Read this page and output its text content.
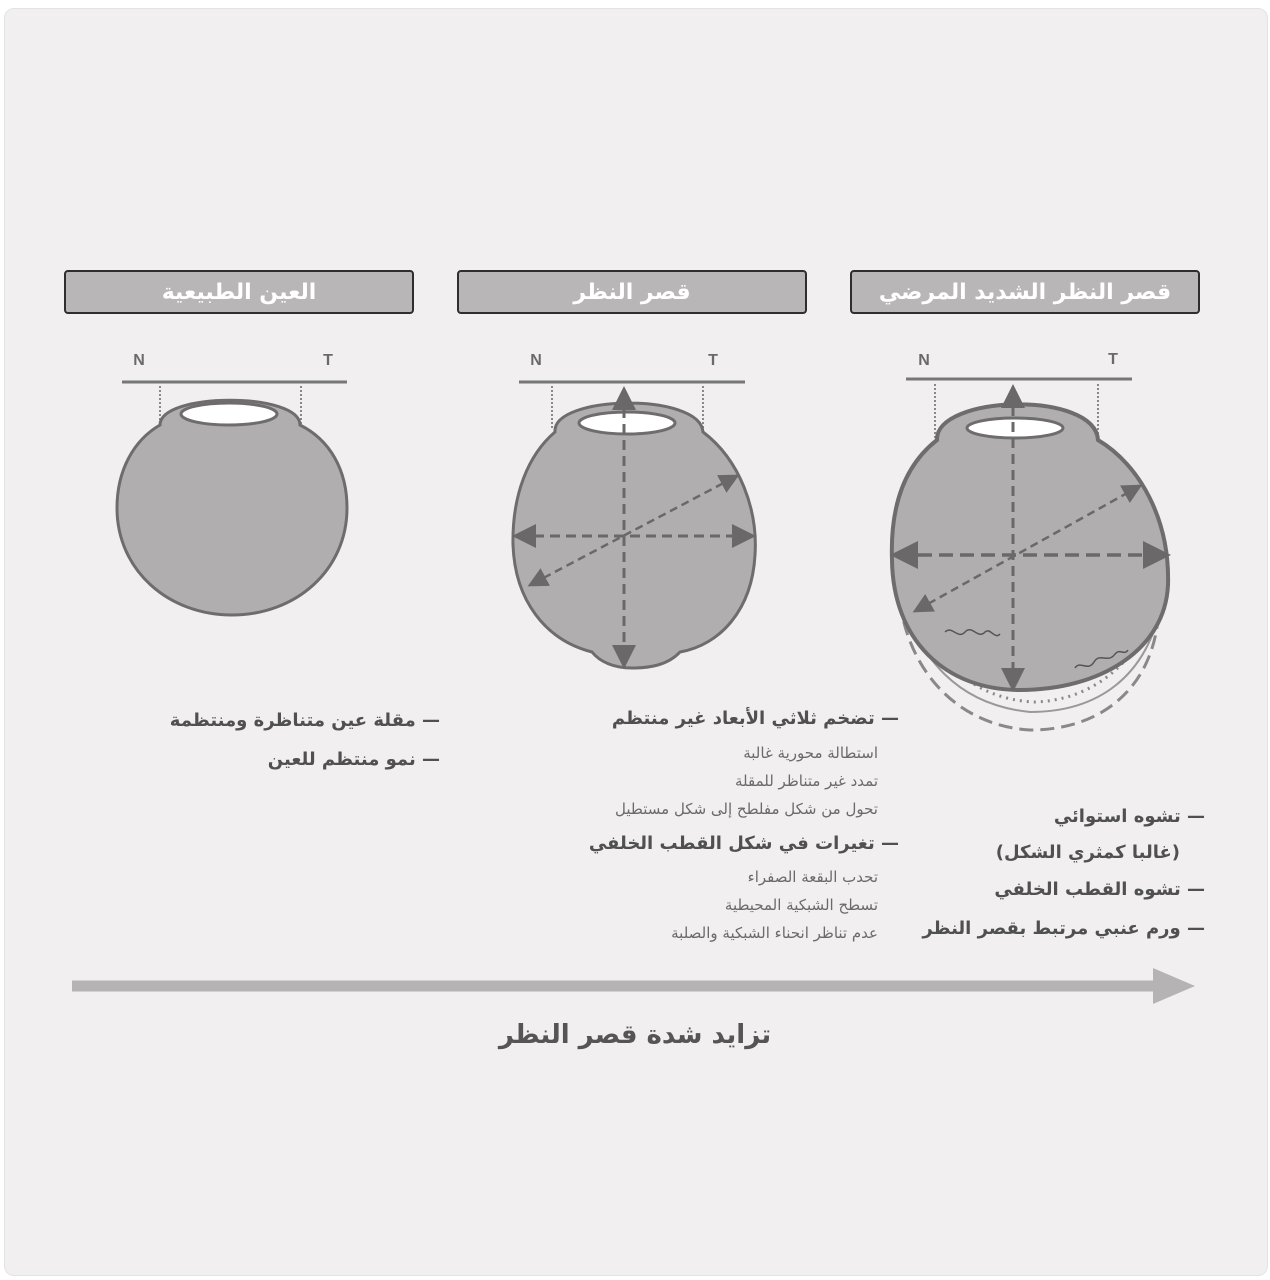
العين الطبيعية	قصر النظر	قصر النظر الشديد المرضي
N	T	N	T	N	T
— مقلة عين متناظرة ومنتظمة
— نمو منتظم للعين
— تضخم ثلاثي الأبعاد غير منتظم
استطالة محورية غالبة
تمدد غير متناظر للمقلة
تحول من شكل مفلطح إلى شكل مستطيل
— تغيرات في شكل القطب الخلفي
تحدب البقعة الصفراء
تسطح الشبكية المحيطية
عدم تناظر انحناء الشبكية والصلبة
— تشوه استوائي
(غالبا كمثري الشكل)
— تشوه القطب الخلفي
— ورم عنبي مرتبط بقصر النظر
تزايد شدة قصر النظر
